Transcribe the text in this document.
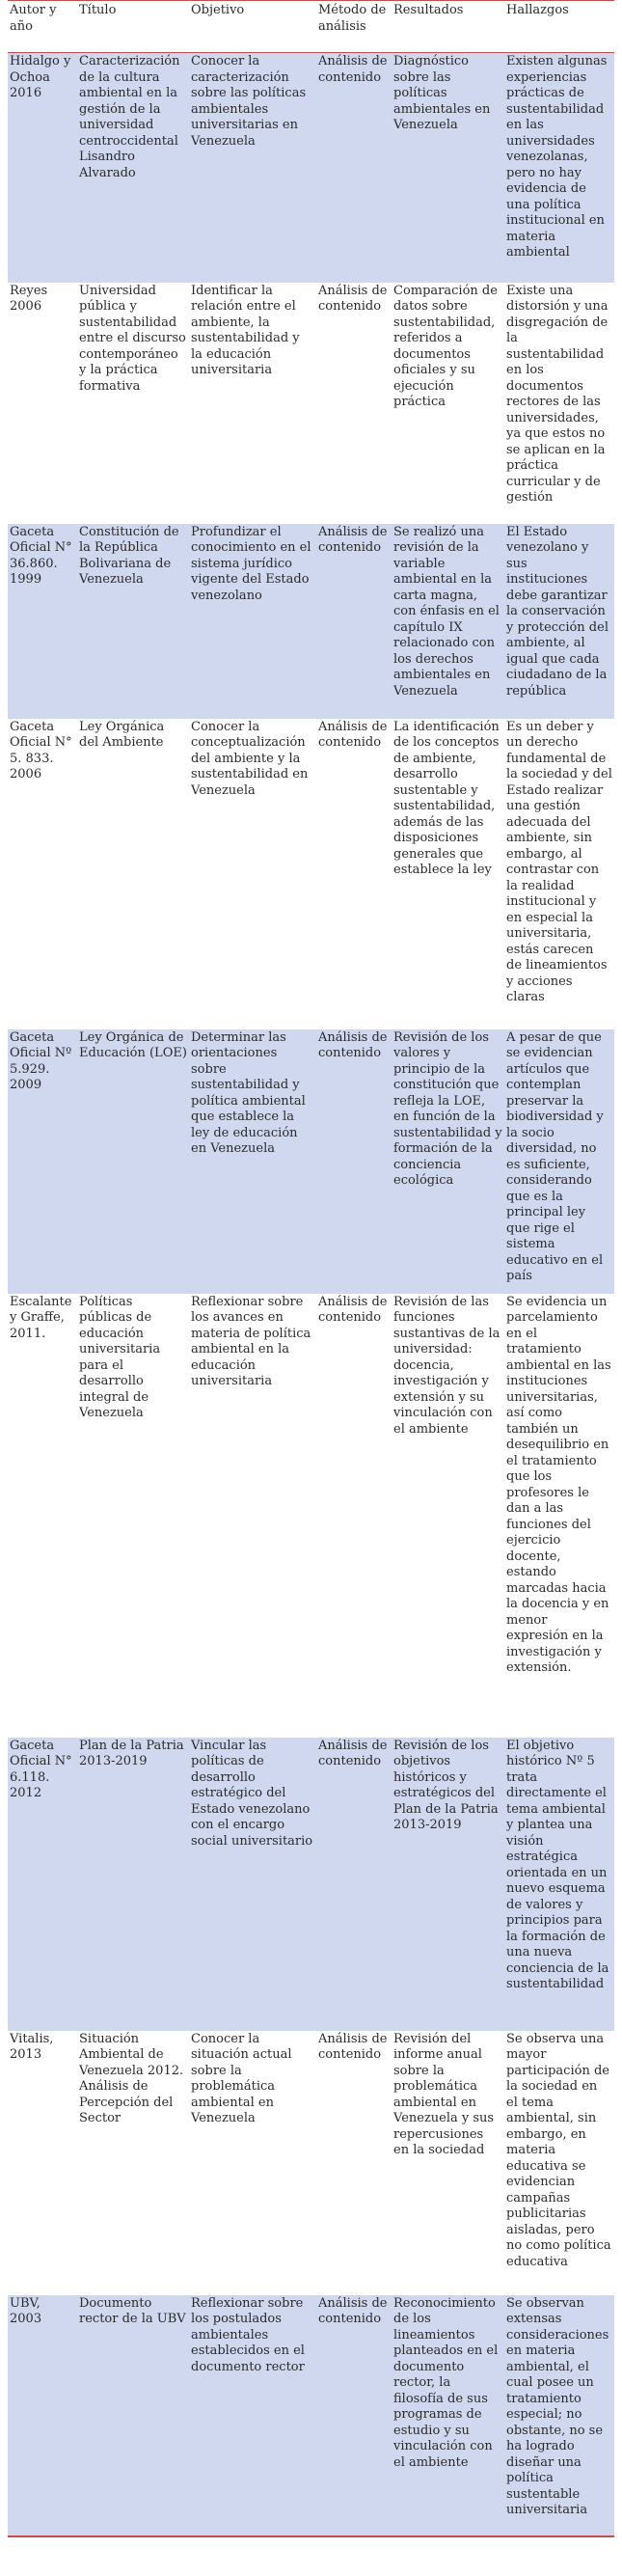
Autor y año	Título	Objetivo	Método de análisis	Resultados	Hallazgos
Hidalgo y Ochoa 2016	Caracterización de la cultura ambiental en la gestión de la universidad centroccidental Lisandro Alvarado	Conocer la caracterización sobre las políticas ambientales universitarias en Venezuela	Análisis de contenido	Diagnóstico sobre las políticas ambientales en Venezuela	Existen algunas experiencias prácticas de sustentabilidad en las universidades venezolanas, pero no hay evidencia de una política institucional en materia ambiental
Reyes 2006	Universidad pública y sustentabilidad entre el discurso contemporáneo y la práctica formativa	Identificar la relación entre el ambiente, la sustentabilidad y la educación universitaria	Análisis de contenido	Comparación de datos sobre sustentabilidad, referidos a documentos oficiales y su ejecución práctica	Existe una distorsión y una disgregación de la sustentabilidad en los documentos rectores de las universidades, ya que estos no se aplican en la práctica curricular y de gestión
Gaceta Oficial N° 36.860. 1999	Constitución de la República Bolivariana de Venezuela	Profundizar el conocimiento en el sistema jurídico vigente del Estado venezolano	Análisis de contenido	Se realizó una revisión de la variable ambiental en la carta magna, con énfasis en el capítulo IX relacionado con los derechos ambientales en Venezuela	El Estado venezolano y sus instituciones debe garantizar la conservación y protección del ambiente, al igual que cada ciudadano de la república
Gaceta Oficial N° 5. 833. 2006	Ley Orgánica del Ambiente	Conocer la conceptualización del ambiente y la sustentabilidad en Venezuela	Análisis de contenido	La identificación de los conceptos de ambiente, desarrollo sustentable y sustentabilidad, además de las disposiciones generales que establece la ley	Es un deber y un derecho fundamental de la sociedad y del Estado realizar una gestión adecuada del ambiente, sin embargo, al contrastar con la realidad institucional y en especial la universitaria, estás carecen de lineamientos y acciones claras
Gaceta Oficial Nº 5.929. 2009	Ley Orgánica de Educación (LOE)	Determinar las orientaciones sobre sustentabilidad y política ambiental que establece la ley de educación en Venezuela	Análisis de contenido	Revisión de los valores y principio de la constitución que refleja la LOE, en función de la sustentabilidad y formación de la conciencia ecológica	A pesar de que se evidencian artículos que contemplan preservar la biodiversidad y la socio diversidad, no es suficiente, considerando que es la principal ley que rige el sistema educativo en el país
Escalante y Graffe, 2011.	Políticas públicas de educación universitaria para el desarrollo integral de Venezuela	Reflexionar sobre los avances en materia de política ambiental en la educación universitaria	Análisis de contenido	Revisión de las funciones sustantivas de la universidad: docencia, investigación y extensión y su vinculación con el ambiente	Se evidencia un parcelamiento en el tratamiento ambiental en las instituciones universitarias, así como también un desequilibrio en el tratamiento que los profesores le dan a las funciones del ejercicio docente, estando marcadas hacia la docencia y en menor expresión en la investigación y extensión.
Gaceta Oficial N° 6.118. 2012	Plan de la Patria 2013-2019	Vincular las políticas de desarrollo estratégico del Estado venezolano con el encargo social universitario	Análisis de contenido	Revisión de los objetivos históricos y estratégicos del Plan de la Patria 2013-2019	El objetivo histórico Nº 5 trata directamente el tema ambiental y plantea una visión estratégica orientada en un nuevo esquema de valores y principios para la formación de una nueva conciencia de la sustentabilidad
Vitalis, 2013	Situación Ambiental de Venezuela 2012. Análisis de Percepción del Sector	Conocer la situación actual sobre la problemática ambiental en Venezuela	Análisis de contenido	Revisión del informe anual sobre la problemática ambiental en Venezuela y sus repercusiones en la sociedad	Se observa una mayor participación de la sociedad en el tema ambiental, sin embargo, en materia educativa se evidencian campañas publicitarias aisladas, pero no como política educativa
UBV, 2003	Documento rector de la UBV	Reflexionar sobre los postulados ambientales establecidos en el documento rector	Análisis de contenido	Reconocimiento de los lineamientos planteados en el documento rector, la filosofía de sus programas de estudio y su vinculación con el ambiente	Se observan extensas consideraciones en materia ambiental, el cual posee un tratamiento especial; no obstante, no se ha logrado diseñar una política sustentable universitaria
